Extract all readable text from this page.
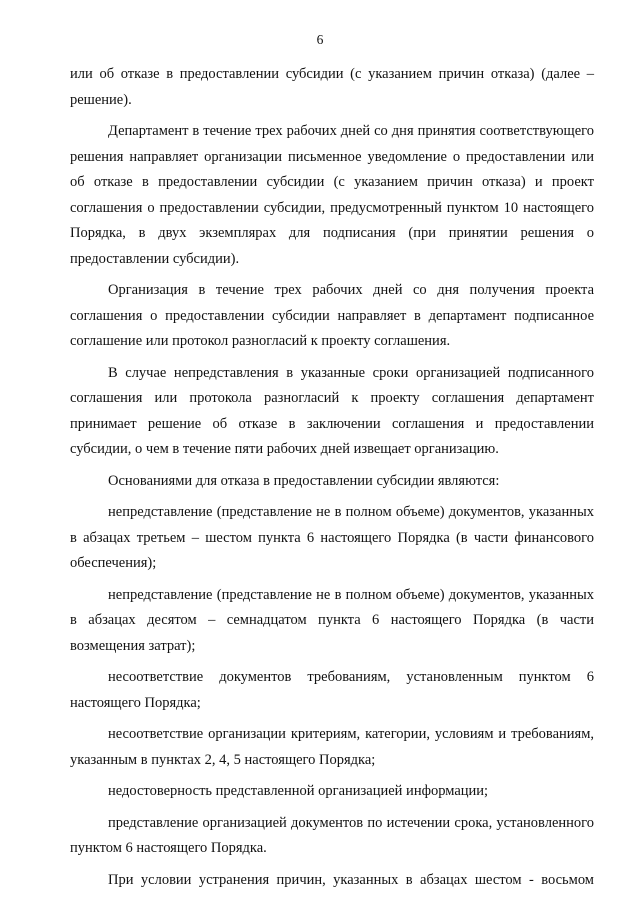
6

или об отказе в предоставлении субсидии (с указанием причин отказа) (далее – решение).

Департамент в течение трех рабочих дней со дня принятия соответствующего решения направляет организации письменное уведомление о предоставлении или об отказе в предоставлении субсидии (с указанием причин отказа) и проект соглашения о предоставлении субсидии, предусмотренный пунктом 10 настоящего Порядка, в двух экземплярах для подписания (при принятии решения о предоставлении субсидии).

Организация в течение трех рабочих дней со дня получения проекта соглашения о предоставлении субсидии направляет в департамент подписанное соглашение или протокол разногласий к проекту соглашения.

В случае непредставления в указанные сроки организацией подписанного соглашения или протокола разногласий к проекту соглашения департамент принимает решение об отказе в заключении соглашения и предоставлении субсидии, о чем в течение пяти рабочих дней извещает организацию.

Основаниями для отказа в предоставлении субсидии являются:

непредставление (представление не в полном объеме) документов, указанных в абзацах третьем – шестом пункта 6 настоящего Порядка (в части финансового обеспечения);

непредставление (представление не в полном объеме) документов, указанных в абзацах десятом – семнадцатом пункта 6 настоящего Порядка (в части возмещения затрат);

несоответствие документов требованиям, установленным пунктом 6 настоящего Порядка;

несоответствие организации критериям, категории, условиям и требованиям, указанным в пунктах 2, 4, 5 настоящего Порядка;

недостоверность представленной организацией информации;

представление организацией документов по истечении срока, установленного пунктом 6 настоящего Порядка.

При условии устранения причин, указанных в абзацах шестом - восьмом
